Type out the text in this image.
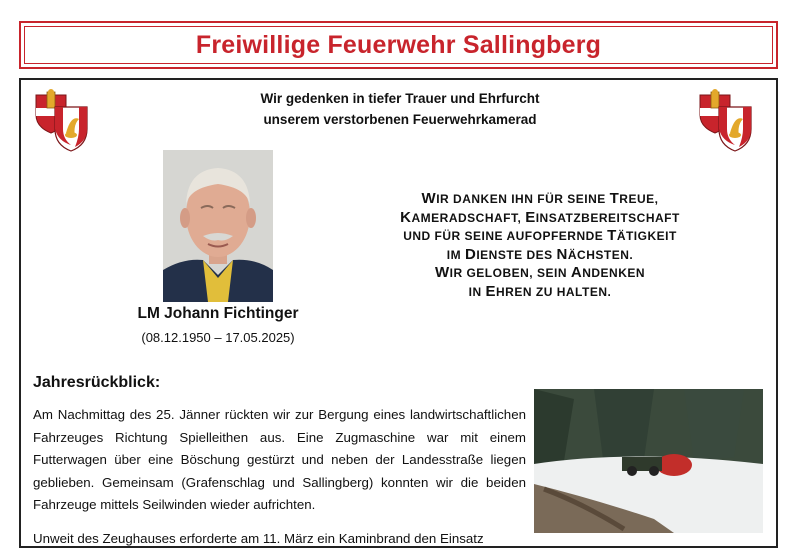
Freiwillige Feuerwehr Sallingberg
Wir gedenken in tiefer Trauer und Ehrfurcht
unserem verstorbenen Feuerwehrkamerad
LM Johann Fichtinger
(08.12.1950 – 17.05.2025)
WIR DANKEN IHN FÜR SEINE TREUE,
KAMERADSCHAFT, EINSATZBEREITSCHAFT
UND FÜR SEINE AUFOPFERNDE TÄTIGKEIT
IM DIENSTE DES NÄCHSTEN.
WIR GELOBEN, SEIN ANDENKEN
IN EHREN ZU HALTEN.
Jahresrückblick:

Am Nachmittag des 25. Jänner rückten wir zur Bergung eines landwirtschaftlichen Fahrzeuges Richtung Spielleithen aus. Eine Zugmaschine war mit einem Futterwagen über eine Böschung gestürzt und neben der Landesstraße liegen geblieben. Gemeinsam (Grafenschlag und Sallingberg) konnten wir die beiden Fahrzeuge mittels Seilwinden wieder aufrichten.

Unweit des Zeughauses erforderte am 11. März ein Kaminbrand den Einsatz
